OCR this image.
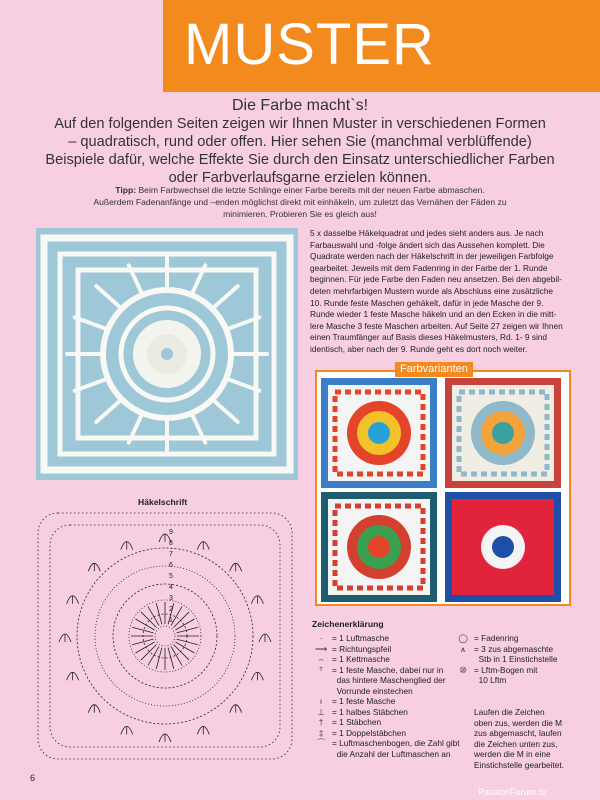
MUSTER
Die Farbe macht`s!
Auf den folgenden Seiten zeigen wir Ihnen Muster in verschiedenen Formen
– quadratisch, rund oder offen. Hier sehen Sie (manchmal verblüffende)
Beispiele dafür, welche Effekte Sie durch den Einsatz unterschiedlicher Farben
oder Farbverlaufsgarne erzielen können.
Tipp: Beim Farbwechsel die letzte Schlinge einer Farbe bereits mit der neuen Farbe abmaschen.
Außerdem Fadenanfänge und –enden möglichst direkt mit einhäkeln, um zuletzt das Vernähen der Fäden zu
minimieren. Probieren Sie es gleich aus!
5 x dasselbe Häkelquadrat und jedes sieht anders aus. Je nach
Farbauswahl und -folge ändert sich das Aussehen komplett. Die
Quadrate werden nach der Häkelschrift in der jeweiligen Farbfolge
gearbeitet. Jeweils mit dem Fadenring in der Farbe der 1. Runde
beginnen. Für jede Farbe den Faden neu ansetzen. Bei den abgebil-
deten mehrfarbigen Mustern wurde als Abschluss eine zusätzliche
10. Runde feste Maschen gehäkelt, dafür in jede Masche der 9.
Runde wieder 1 feste Masche häkeln und an den Ecken in die mitt-
lere Masche 3 feste Maschen arbeiten. Auf Seite 27 zeigen wir Ihnen
einen Traumfänger auf Basis dieses Häkelmusters, Rd. 1- 9 sind
identisch, aber nach der 9. Runde geht es dort noch weiter.
Farbvarianten
Häkelschrift
1
2
3
4
5
6
7
8
9
Zeichenerklärung
·	= 1 Luftmasche
⟶ = Richtungspfeil
⌢ = 1 Kettmasche
ᵀ	= 1 feste Masche, dabei nur in
das hintere Maschenglied der
Vorrunde einstechen
ı	= 1 feste Masche
⊥ = 1 halbes Stäbchen
†	= 1 Stäbchen
‡	= 1 Doppelstäbchen
⌒ = Luftmaschenbogen, die Zahl gibt
die Anzahl der Luftmaschen an
◯ = Fadenring
⩚	= 3 zus abgemaschte
Stb in 1 Einstichstelle
⑩ = Lftm-Bogen mit
10 Lftm
Laufen die Zeichen
oben zus, werden die M
zus abgemascht, laufen
die Zeichen unten zus,
werden die M in eine
Einstichstelle gearbeitet.
6
PassionForum.ru
